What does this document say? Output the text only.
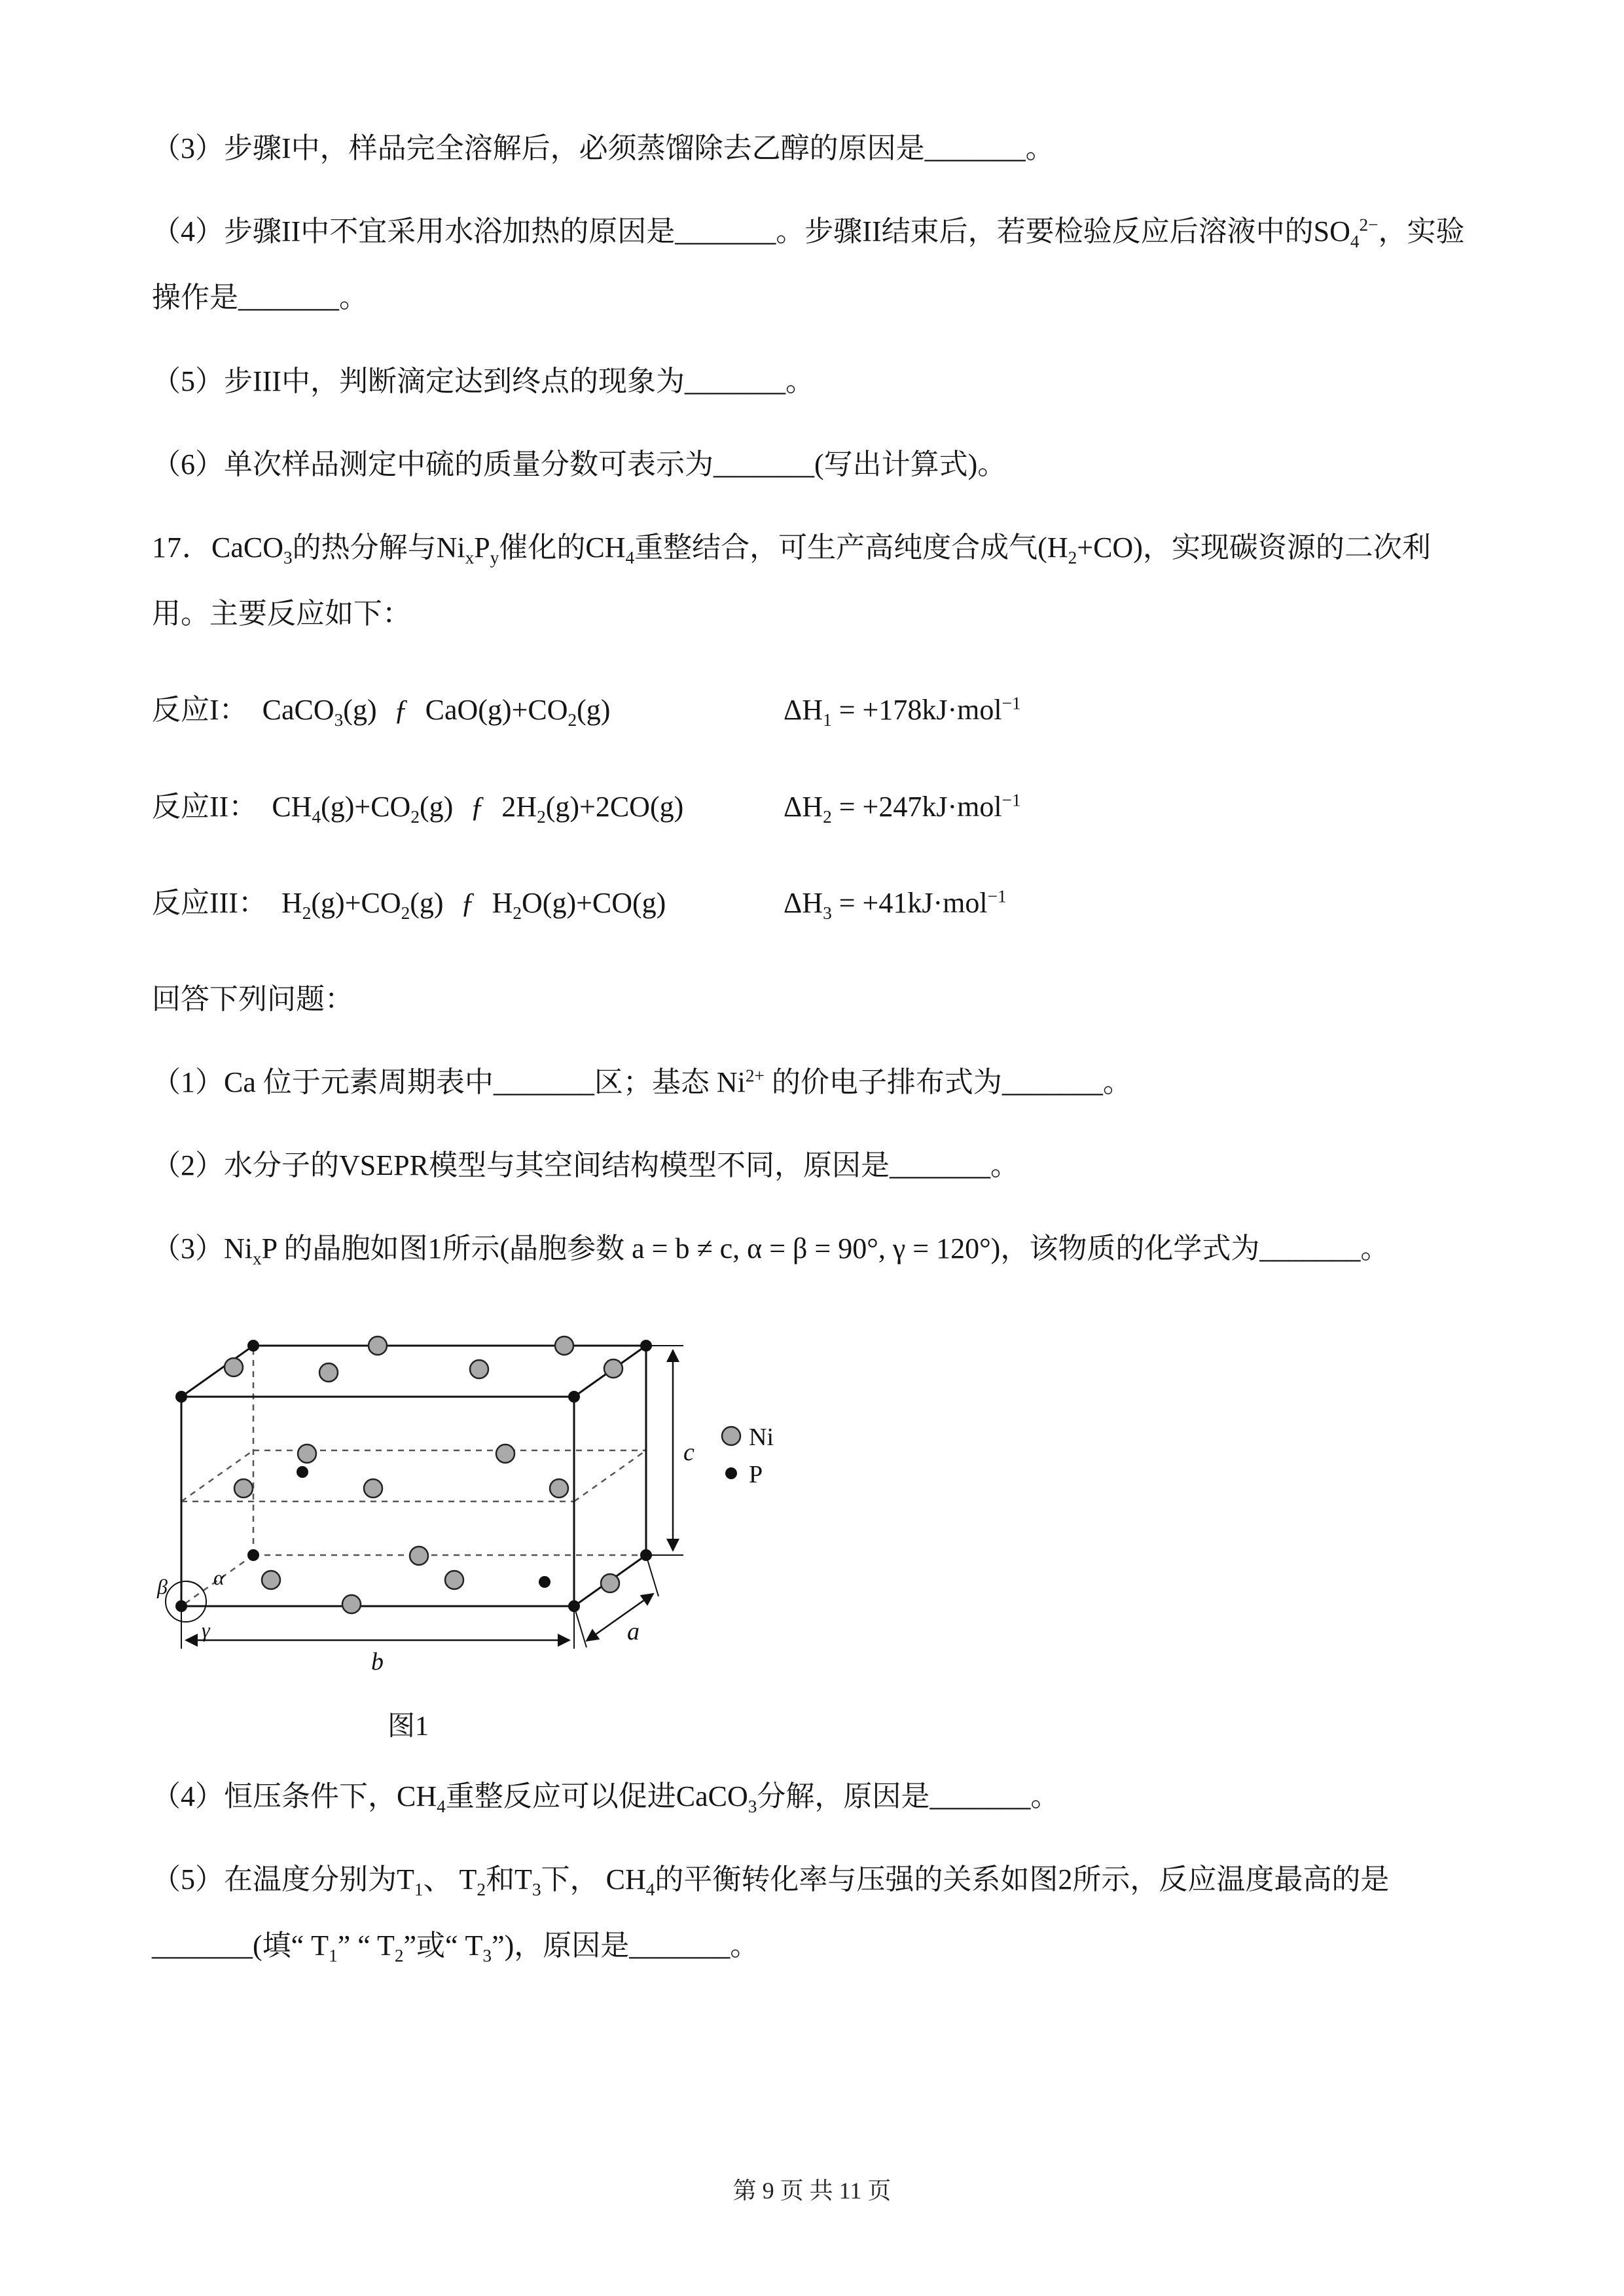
（3）步骤I中，样品完全溶解后，必须蒸馏除去乙醇的原因是_______。

（4）步骤II中不宜采用水浴加热的原因是_______。步骤II结束后，若要检验反应后溶液中的$SO_4^{2-}$，实验操作是_______。

（5）步III中，判断滴定达到终点的现象为_______。

（6）单次样品测定中硫的质量分数可表示为_______(写出计算式)。

17．CaCO$_3$的热分解与$Ni_xP_y$催化的$CH_4$重整结合，可生产高纯度合成气$(H_2+CO)$，实现碳资源的二次利用。主要反应如下：

反应I：  CaCO$_3$(g) ƒ $CaO(g)+CO_2(g)$	$\Delta H_1 = +178kJ\cdot mol^{-1}$
反应II：  $CH_4(g)+CO_2(g)$ ƒ $2H_2(g)+2CO(g)$	$\Delta H_2 = +247kJ\cdot mol^{-1}$
反应III：  $H_2(g)+CO_2(g)$ ƒ $H_2O(g)+CO(g)$	$\Delta H_3 = +41kJ\cdot mol^{-1}$

回答下列问题：

（1）Ca 位于元素周期表中_______区；基态 $Ni^{2+}$ 的价电子排布式为_______。

（2）水分子的VSEPR模型与其空间结构模型不同，原因是_______。

$(3)Ni_xP$ 的晶胞如图1所示(晶胞参数 a = b ≠ c, α = β = 90°, γ = 120°)，该物质的化学式为_______。

c
b
a
α
β
γ
Ni
P
图1

（4）恒压条件下，$CH_4$重整反应可以促进CaCO$_3$分解，原因是_______。

（5）在温度分别为$T_1$、 $T_2$和$T_3$下， $CH_4$的平衡转化率与压强的关系如图2所示，反应温度最高的是_______(填“ $T_1$” “ $T_2$”或“ $T_3$”)，原因是_______。

第 9 页 共 11 页
